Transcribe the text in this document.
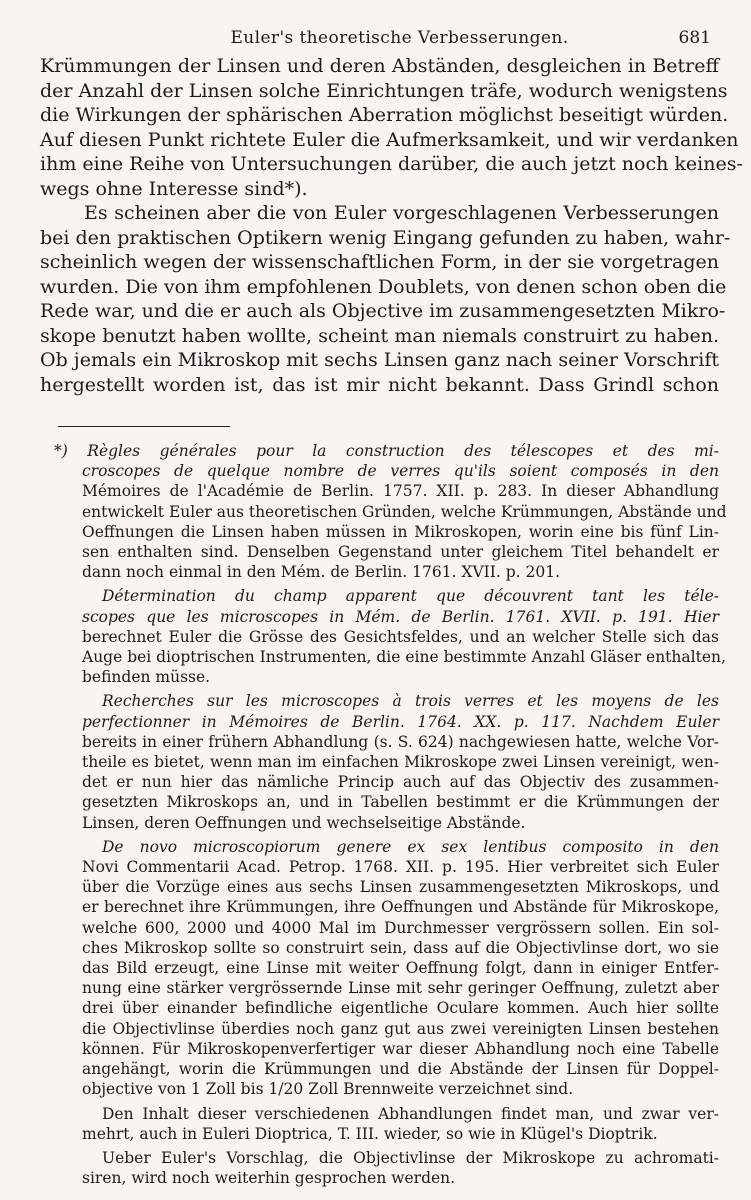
Euler's theoretische Verbesserungen.	681
Krümmungen der Linsen und deren Abständen, desgleichen in Betreff
der Anzahl der Linsen solche Einrichtungen träfe, wodurch wenigstens
die Wirkungen der sphärischen Aberration möglichst beseitigt würden.
Auf diesen Punkt richtete Euler die Aufmerksamkeit, und wir verdanken
ihm eine Reihe von Untersuchungen darüber, die auch jetzt noch keines-
wegs ohne Interesse sind*).
Es scheinen aber die von Euler vorgeschlagenen Verbesserungen
bei den praktischen Optikern wenig Eingang gefunden zu haben, wahr-
scheinlich wegen der wissenschaftlichen Form, in der sie vorgetragen
wurden. Die von ihm empfohlenen Doublets, von denen schon oben die
Rede war, und die er auch als Objective im zusammengesetzten Mikro-
skope benutzt haben wollte, scheint man niemals construirt zu haben.
Ob jemals ein Mikroskop mit sechs Linsen ganz nach seiner Vorschrift
hergestellt worden ist, das ist mir nicht bekannt. Dass Grindl schon
*) Règles générales pour la construction des télescopes et des mi-
croscopes de quelque nombre de verres qu'ils soient composés in den
Mémoires de l'Académie de Berlin. 1757. XII. p. 283. In dieser Abhandlung
entwickelt Euler aus theoretischen Gründen, welche Krümmungen, Abstände und
Oeffnungen die Linsen haben müssen in Mikroskopen, worin eine bis fünf Lin-
sen enthalten sind. Denselben Gegenstand unter gleichem Titel behandelt er
dann noch einmal in den Mém. de Berlin. 1761. XVII. p. 201.
Détermination du champ apparent que découvrent tant les téle-
scopes que les microscopes in Mém. de Berlin. 1761. XVII. p. 191. Hier
berechnet Euler die Grösse des Gesichtsfeldes, und an welcher Stelle sich das
Auge bei dioptrischen Instrumenten, die eine bestimmte Anzahl Gläser enthalten,
befinden müsse.
Recherches sur les microscopes à trois verres et les moyens de les
perfectionner in Mémoires de Berlin. 1764. XX. p. 117. Nachdem Euler
bereits in einer frühern Abhandlung (s. S. 624) nachgewiesen hatte, welche Vor-
theile es bietet, wenn man im einfachen Mikroskope zwei Linsen vereinigt, wen-
det er nun hier das nämliche Princip auch auf das Objectiv des zusammen-
gesetzten Mikroskops an, und in Tabellen bestimmt er die Krümmungen der
Linsen, deren Oeffnungen und wechselseitige Abstände.
De novo microscopiorum genere ex sex lentibus composito in den
Novi Commentarii Acad. Petrop. 1768. XII. p. 195. Hier verbreitet sich Euler
über die Vorzüge eines aus sechs Linsen zusammengesetzten Mikroskops, und
er berechnet ihre Krümmungen, ihre Oeffnungen und Abstände für Mikroskope,
welche 600, 2000 und 4000 Mal im Durchmesser vergrössern sollen. Ein sol-
ches Mikroskop sollte so construirt sein, dass auf die Objectivlinse dort, wo sie
das Bild erzeugt, eine Linse mit weiter Oeffnung folgt, dann in einiger Entfer-
nung eine stärker vergrössernde Linse mit sehr geringer Oeffnung, zuletzt aber
drei über einander befindliche eigentliche Oculare kommen. Auch hier sollte
die Objectivlinse überdies noch ganz gut aus zwei vereinigten Linsen bestehen
können. Für Mikroskopenverfertiger war dieser Abhandlung noch eine Tabelle
angehängt, worin die Krümmungen und die Abstände der Linsen für Doppel-
objective von 1 Zoll bis 1/20 Zoll Brennweite verzeichnet sind.
Den Inhalt dieser verschiedenen Abhandlungen findet man, und zwar ver-
mehrt, auch in Euleri Dioptrica, T. III. wieder, so wie in Klügel's Dioptrik.
Ueber Euler's Vorschlag, die Objectivlinse der Mikroskope zu achromati-
siren, wird noch weiterhin gesprochen werden.
